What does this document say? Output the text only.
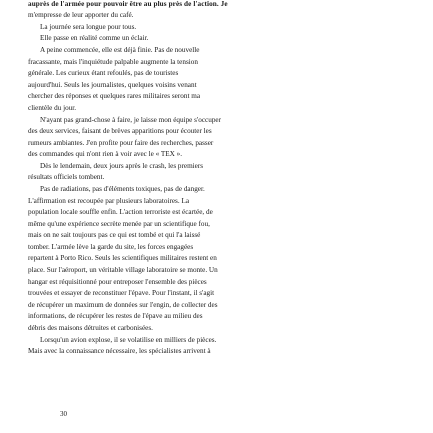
auprès de l'armée pour pouvoir être au plus près de l'action. Je
m'empresse de leur apporter du café.
La journée sera longue pour tous.
Elle passe en réalité comme un éclair.
A peine commencée, elle est déjà finie. Pas de nouvelle
fracassante, mais l'inquiétude palpable augmente la tension
générale. Les curieux étant refoulés, pas de touristes
aujourd'hui. Seuls les journalistes, quelques voisins venant
chercher des réponses et quelques rares militaires seront ma
clientèle du jour.
N'ayant pas grand-chose à faire, je laisse mon équipe s'occuper
des deux services, faisant de brèves apparitions pour écouter les
rumeurs ambiantes. J'en profite pour faire des recherches, passer
des commandes qui n'ont rien à voir avec le « TEX ».
Dès le lendemain, deux jours après le crash, les premiers
résultats officiels tombent.
Pas de radiations, pas d'éléments toxiques, pas de danger.
L'affirmation est recoupée par plusieurs laboratoires. La
population locale souffle enfin. L'action terroriste est écartée, de
même qu'une expérience secrète menée par un scientifique fou,
mais on ne sait toujours pas ce qui est tombé et qui l'a laissé
tomber. L'armée lève la garde du site, les forces engagées
repartent à Porto Rico. Seuls les scientifiques militaires restent en
place. Sur l'aéroport, un véritable village laboratoire se monte. Un
hangar est réquisitionné pour entreposer l'ensemble des pièces
trouvées et essayer de reconstituer l'épave. Pour l'instant, il s'agit
de récupérer un maximum de données sur l'engin, de collecter des
informations, de récupérer les restes de l'épave au milieu des
débris des maisons détruites et carbonisées.
Lorsqu'un avion explose, il se volatilise en milliers de pièces.
Mais avec la connaissance nécessaire, les spécialistes arrivent à
30
